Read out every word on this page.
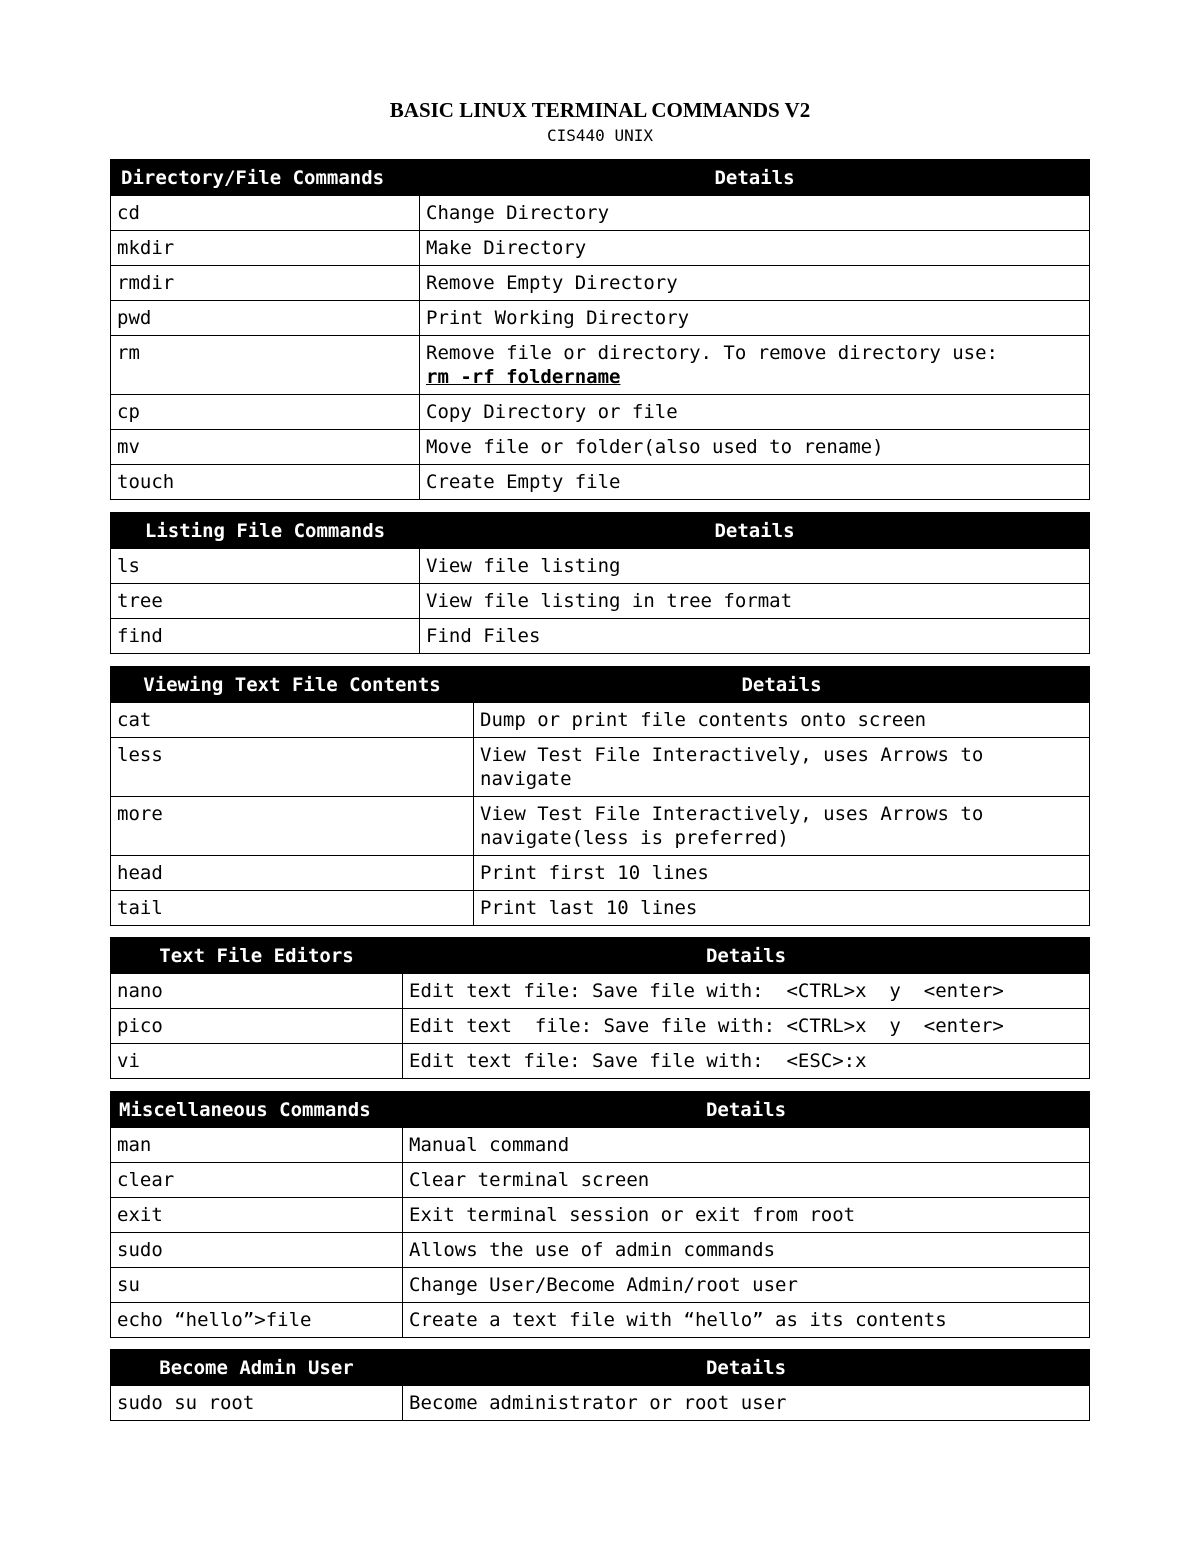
BASIC LINUX TERMINAL COMMANDS V2
CIS440 UNIX
Directory/File Commands	Details
cd	Change Directory
mkdir	Make Directory
rmdir	Remove Empty Directory
pwd	Print Working Directory
rm	Remove file or directory. To remove directory use:
rm -rf foldername
cp	Copy Directory or file
mv	Move file or folder(also used to rename)
touch	Create Empty file
Listing File Commands	Details
ls	View file listing
tree	View file listing in tree format
find	Find Files
Viewing Text File Contents	Details
cat	Dump or print file contents onto screen
less	View Test File Interactively, uses Arrows to navigate
more	View Test File Interactively, uses Arrows to navigate(less is preferred)
head	Print first 10 lines
tail	Print last 10 lines
Text File Editors	Details
nano	Edit text file: Save file with:  <CTRL>x  y  <enter>
pico	Edit text  file: Save file with: <CTRL>x  y  <enter>
vi	Edit text file: Save file with:  <ESC>:x
Miscellaneous Commands	Details
man	Manual command
clear	Clear terminal screen
exit	Exit terminal session or exit from root
sudo	Allows the use of admin commands
su	Change User/Become Admin/root user
echo “hello”>file	Create a text file with “hello” as its contents
Become Admin User	Details
sudo su root	Become administrator or root user
